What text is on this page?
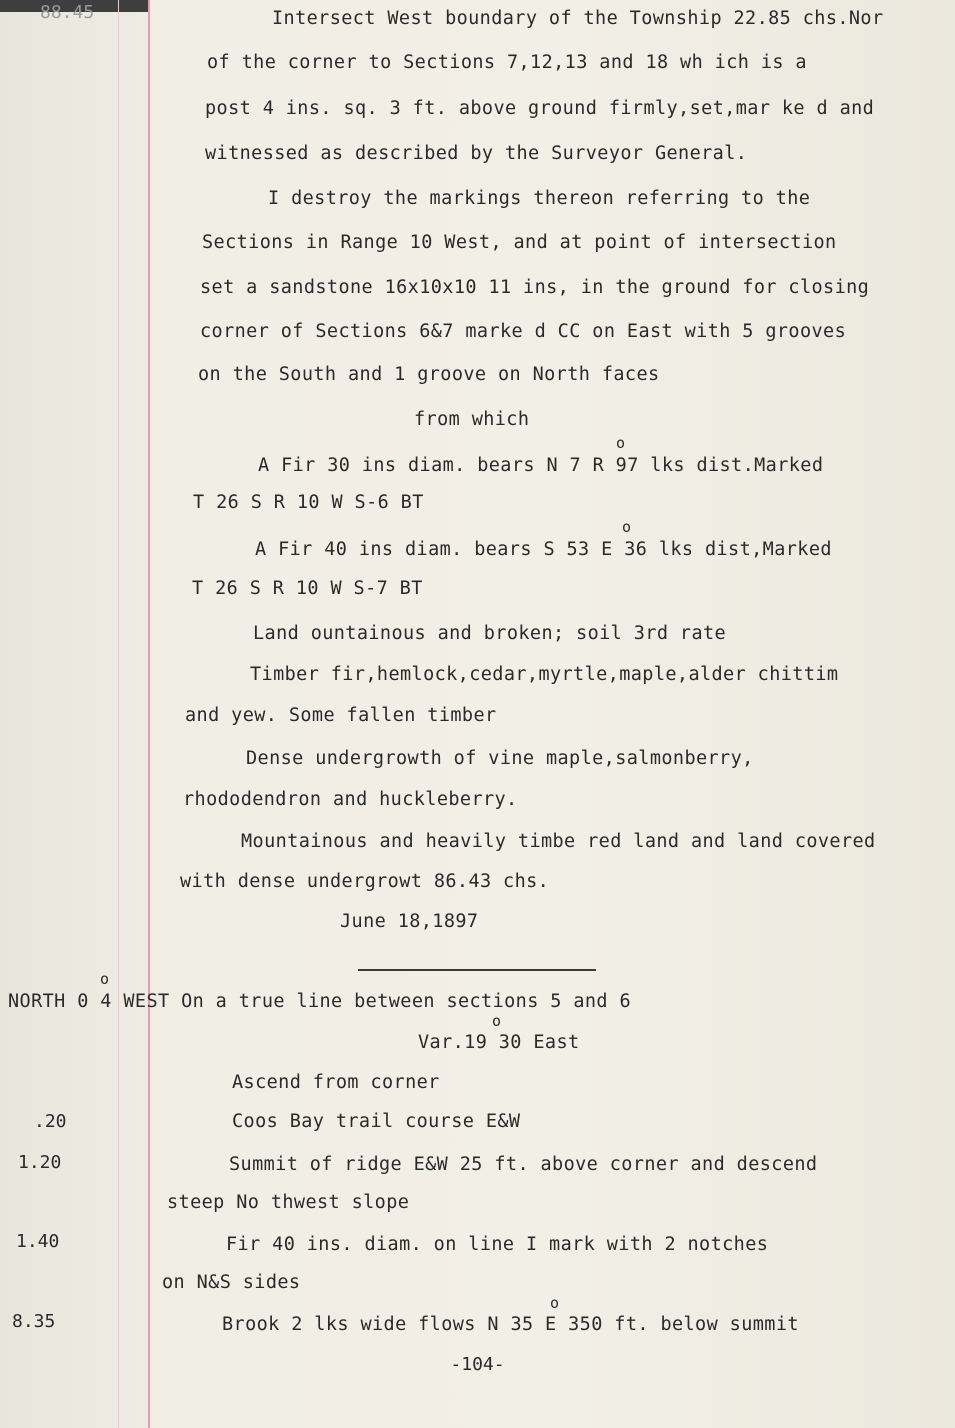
88.45	Intersect West boundary of the Township 22.85 chs.Nor
of the corner to Sections 7,12,13 and 18 wh ich is a
post 4 ins. sq. 3 ft. above ground firmly,set,mar ke d and
witnessed as described by the Surveyor General.
I destroy the markings thereon referring to the
Sections in Range 10 West, and at point of intersection
set a sandstone 16x10x10 11 ins, in the ground for closing
corner of Sections 6&7 marke d CC on East with 5 grooves
on the South and 1 groove on North faces
from which
o
A Fir 30 ins diam. bears N 7 R 97 lks dist.Marked
T 26 S R 10 W S-6 BT
o
A Fir 40 ins diam. bears S 53 E 36 lks dist,Marked
T 26 S R 10 W S-7 BT
Land ountainous and broken; soil 3rd rate
Timber fir,hemlock,cedar,myrtle,maple,alder chittim
and yew. Some fallen timber
Dense undergrowth of vine maple,salmonberry,
rhododendron and huckleberry.
Mountainous and heavily timbe red land and land covered
with dense undergrowt 86.43 chs.
June 18,1897
o
NORTH 0 4 WEST On a true line between sections 5 and 6
o
Var.19 30 East
Ascend from corner
.20	Coos Bay trail course E&W
1.20	Summit of ridge E&W 25 ft. above corner and descend
steep No thwest slope
1.40	Fir 40 ins. diam. on line I mark with 2 notches
on N&S sides
o
8.35	Brook 2 lks wide flows N 35 E 350 ft. below summit
-104-
